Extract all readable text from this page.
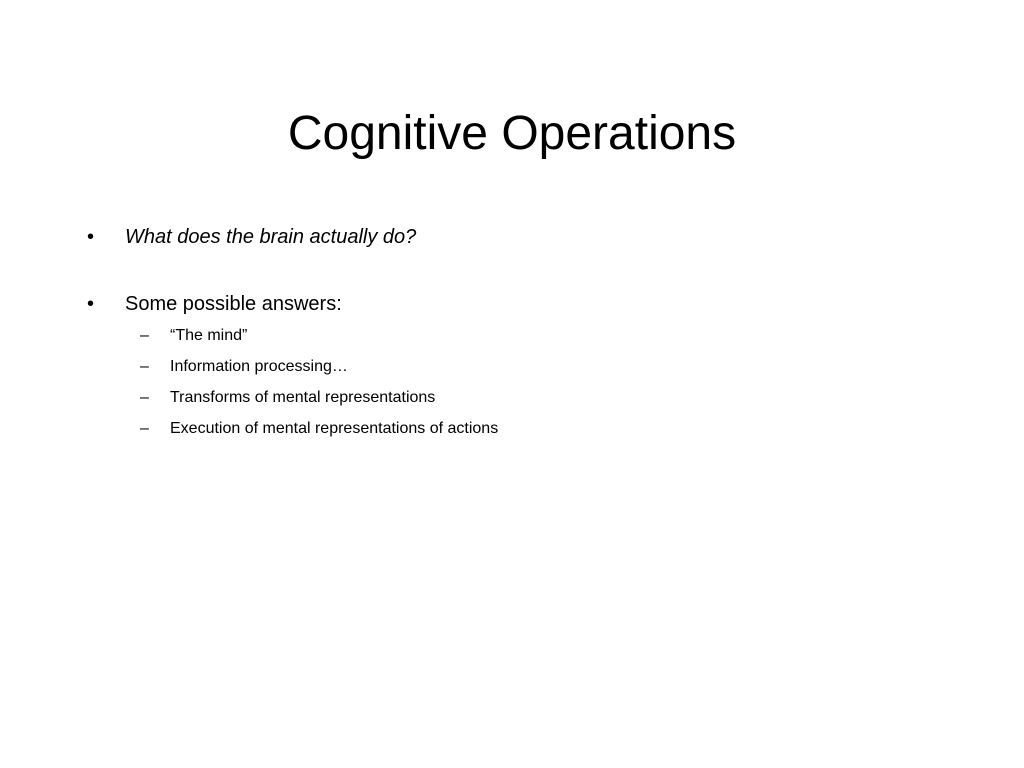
Cognitive Operations
•	What does the brain actually do?
•	Some possible answers:
–	“The mind”
–	Information processing…
–	Transforms of mental representations
–	Execution of mental representations of actions
